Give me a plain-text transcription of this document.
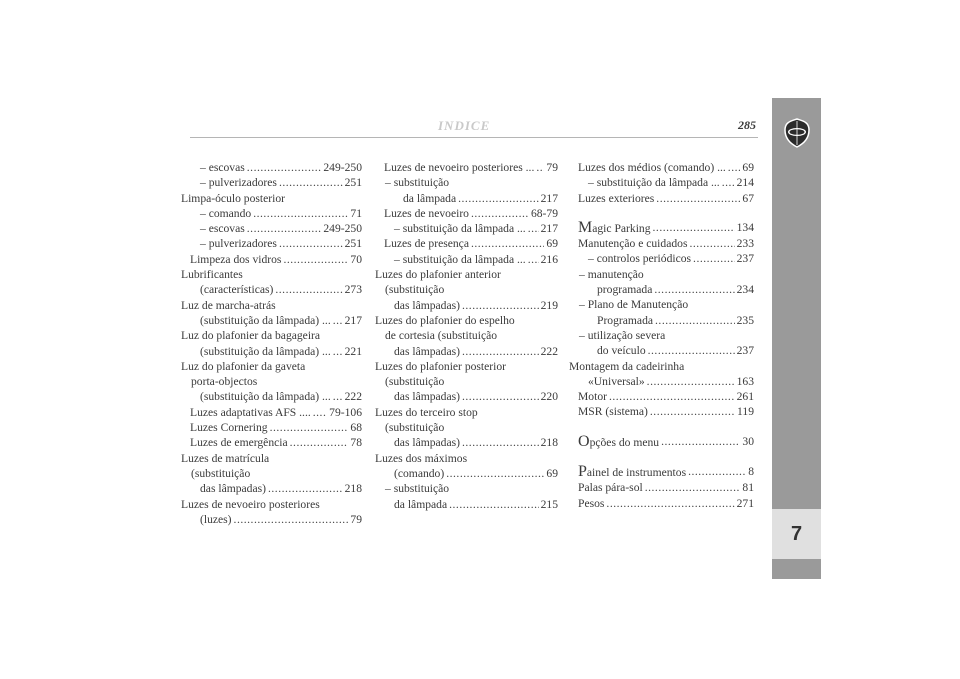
INDICE	285
7
– escovas .....	249-250
– pulverizadores .....	251
Limpa-óculo posterior
– comando .....	71
– escovas .....	249-250
– pulverizadores .....	251
Limpeza dos vidros .....	70
Lubrificantes
(características) .....	273
Luz de marcha-atrás
(substituição da lâmpada) ... ..... 217
Luz do plafonier da bagageira
(substituição da lâmpada) ... ..... 221
Luz do plafonier da gaveta
porta-objectos
(substituição da lâmpada) ... ..... 222
Luzes adaptativas AFS .... ..... 79-106
Luzes Cornering .....	68
Luzes de emergência .....	78
Luzes de matrícula
(substituição
das lâmpadas) .....	218
Luzes de nevoeiro posteriores
(luzes) .....	79
Luzes de nevoeiro posteriores ... ..... 79
– substituição
da lâmpada .....	217
Luzes de nevoeiro .....	68-79
– substituição da lâmpada ... ..... 217
Luzes de presença .....	69
– substituição da lâmpada ... ..... 216
Luzes do plafonier anterior
(substituição
das lâmpadas) .....	219
Luzes do plafonier do espelho
de cortesia (substituição
das lâmpadas) .....	222
Luzes do plafonier posterior
(substituição
das lâmpadas) .....	220
Luzes do terceiro stop
(substituição
das lâmpadas) .....	218
Luzes dos máximos
(comando) .....	69
– substituição
da lâmpada .....	215
Luzes dos médios (comando) ... ..... 69
– substituição da lâmpada ... ..... 214
Luzes exteriores .....	67
Magic Parking .....	134
Manutenção e cuidados .....	233
– controlos periódicos .....	237
– manutenção
programada .....	234
– Plano de Manutenção
Programada .....	235
– utilização severa
do veículo .....	237
Montagem da cadeirinha
«Universal» .....	163
Motor .....	261
MSR (sistema) .....	119
Opções do menu .....	30
Painel de instrumentos .....	8
Palas pára-sol .....	81
Pesos .....	271
